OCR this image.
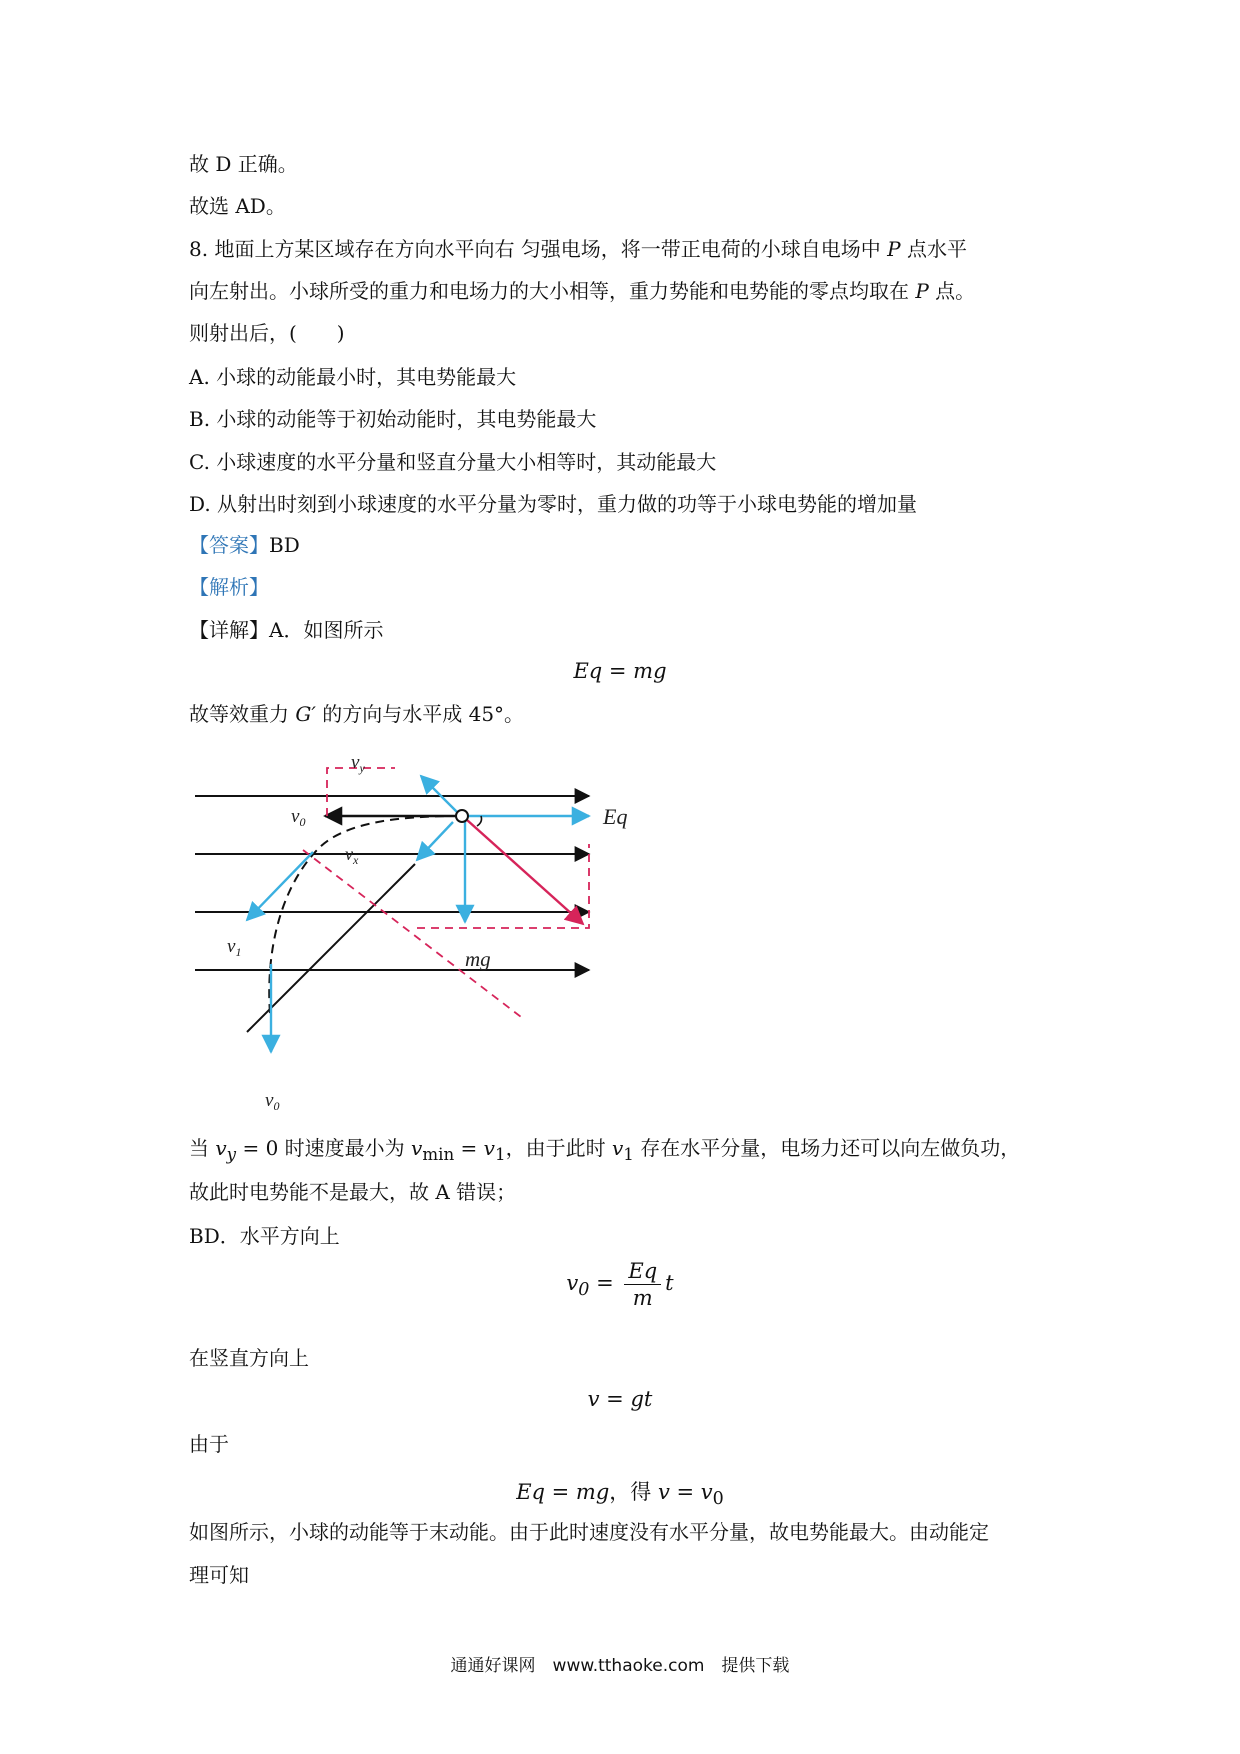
故 D 正确。
故选 AD。
8. 地面上方某区域存在方向水平向右 匀强电场，将一带正电荷的小球自电场中 P 点水平
向左射出。小球所受的重力和电场力的大小相等，重力势能和电势能的零点均取在 P 点。
则射出后，(　　)
A. 小球的动能最小时，其电势能最大
B. 小球的动能等于初始动能时，其电势能最大
C. 小球速度的水平分量和竖直分量大小相等时，其动能最大
D. 从射出时刻到小球速度的水平分量为零时，重力做的功等于小球电势能的增加量
【答案】BD
【解析】
【详解】A．如图所示
Eq = mg
故等效重力 G′ 的方向与水平成 45°。
$v_y$
$v_0$
$v_x$
Eq
$v_1$	mg
$v_0$
当 $v_y = 0$ 时速度最小为 $v_{min} = v_1$，由于此时 $v_1$ 存在水平分量，电场力还可以向左做负功，
故此时电势能不是最大，故 A 错误；
BD．水平方向上
$v_0 = \frac{Eq}{m}$ t
在竖直方向上
v = gt
由于
Eq = mg，得 $v = v_0$
如图所示，小球的动能等于末动能。由于此时速度没有水平分量，故电势能最大。由动能定
理可知
通通好课网　www.tthaoke.com　提供下载
